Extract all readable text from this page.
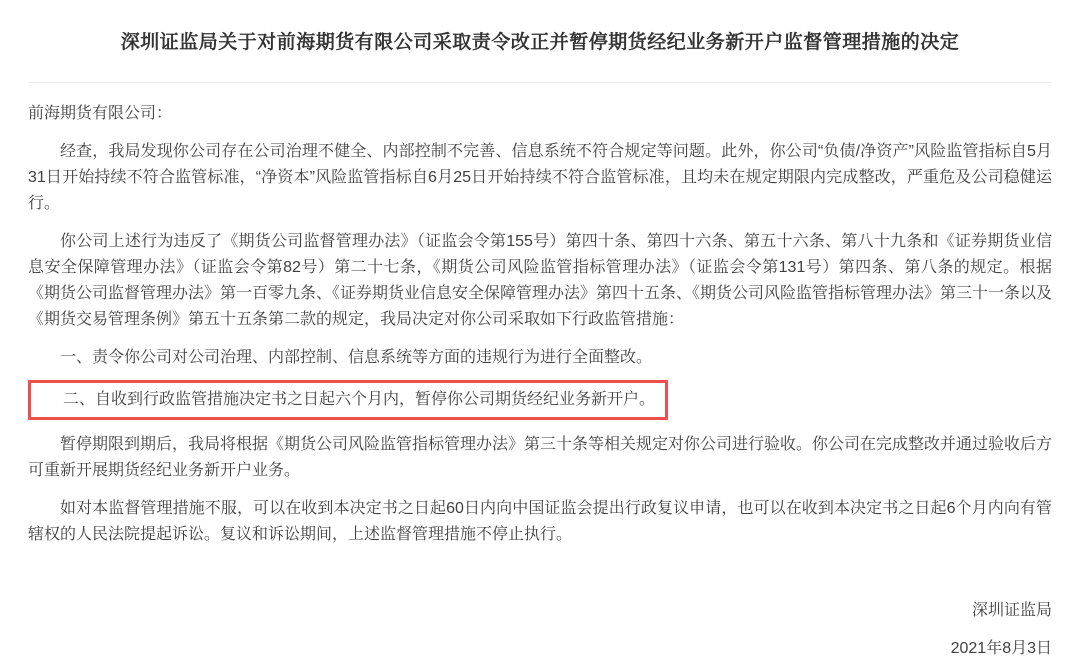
深圳证监局关于对前海期货有限公司采取责令改正并暂停期货经纪业务新开户监督管理措施的决定

前海期货有限公司：

经查，我局发现你公司存在公司治理不健全、内部控制不完善、信息系统不符合规定等问题。此外，你公司“负债/净资产”风险监管指标自5月31日开始持续不符合监管标准，“净资本”风险监管指标自6月25日开始持续不符合监管标准，且均未在规定期限内完成整改，严重危及公司稳健运行。

你公司上述行为违反了《期货公司监督管理办法》（证监会令第155号）第四十条、第四十六条、第五十六条、第八十九条和《证券期货业信息安全保障管理办法》（证监会令第82号）第二十七条，《期货公司风险监管指标管理办法》（证监会令第131号）第四条、第八条的规定。根据《期货公司监督管理办法》第一百零九条、《证券期货业信息安全保障管理办法》第四十五条、《期货公司风险监管指标管理办法》第三十一条以及《期货交易管理条例》第五十五条第二款的规定，我局决定对你公司采取如下行政监管措施：

一、责令你公司对公司治理、内部控制、信息系统等方面的违规行为进行全面整改。

二、自收到行政监管措施决定书之日起六个月内，暂停你公司期货经纪业务新开户。

暂停期限到期后，我局将根据《期货公司风险监管指标管理办法》第三十条等相关规定对你公司进行验收。你公司在完成整改并通过验收后方可重新开展期货经纪业务新开户业务。

如对本监督管理措施不服，可以在收到本决定书之日起60日内向中国证监会提出行政复议申请，也可以在收到本决定书之日起6个月内向有管辖权的人民法院提起诉讼。复议和诉讼期间，上述监督管理措施不停止执行。

深圳证监局

2021年8月3日
